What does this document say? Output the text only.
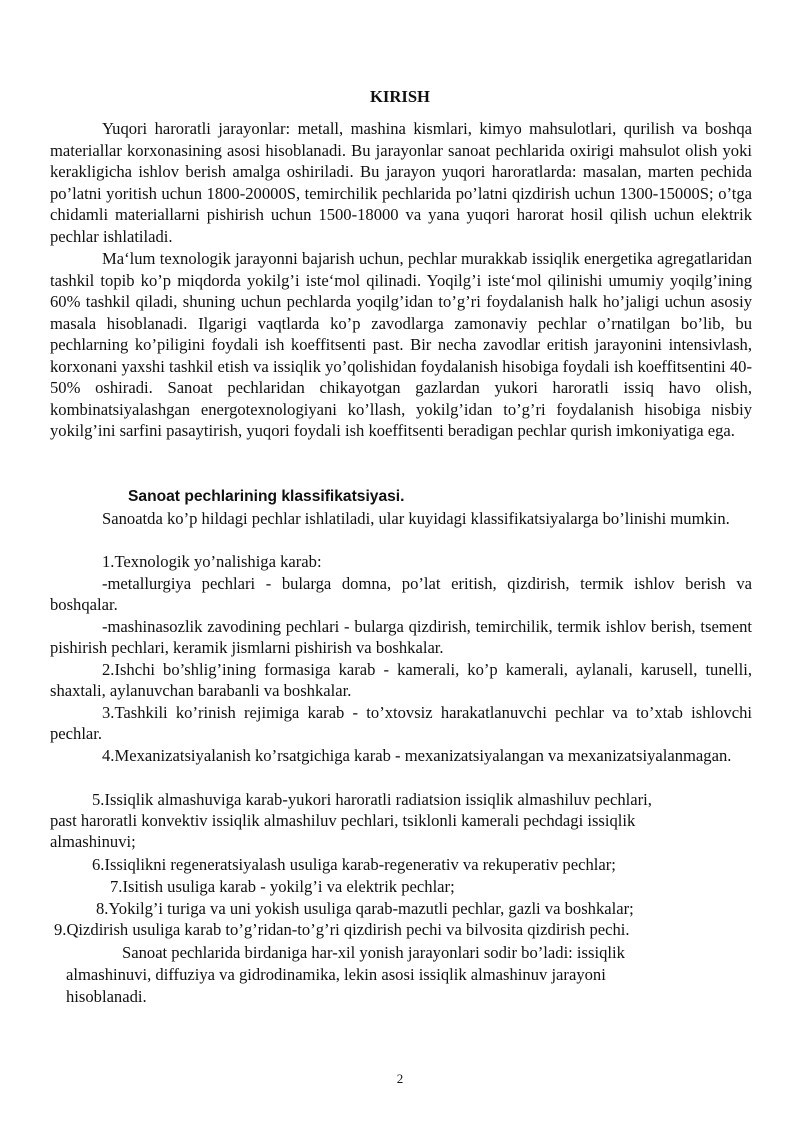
KIRISH

Yuqori haroratli jarayonlar: metall, mashina kismlari, kimyo mahsulotlari, qurilish va boshqa materiallar korxonasining asosi hisoblanadi. Bu jarayonlar sanoat pechlarida oxirigi mahsulot olish yoki kerakligicha ishlov berish amalga oshiriladi. Bu jarayon yuqori haroratlarda: masalan, marten pechida po’latni yoritish uchun 1800-20000S, temirchilik pechlarida po’latni qizdirish uchun 1300-15000S; o’tga chidamli materiallarni pishirish uchun 1500-18000 va yana yuqori harorat hosil qilish uchun elektrik pechlar ishlatiladi.

Ma‘lum texnologik jarayonni bajarish uchun, pechlar murakkab issiqlik energetika agregatlaridan tashkil topib ko’p miqdorda yokilg’i iste‘mol qilinadi. Yoqilg’i iste‘mol qilinishi umumiy yoqilg’ining 60% tashkil qiladi, shuning uchun pechlarda yoqilg’idan to’g’ri foydalanish halk ho’jaligi uchun asosiy masala hisoblanadi. Ilgarigi vaqtlarda ko’p zavodlarga zamonaviy pechlar o’rnatilgan bo’lib, bu pechlarning ko’piligini foydali ish koeffitsenti past. Bir necha zavodlar eritish jarayonini intensivlash, korxonani yaxshi tashkil etish va issiqlik yo’qolishidan foydalanish hisobiga foydali ish koeffitsentini 40-50% oshiradi. Sanoat pechlaridan chikayotgan gazlardan yukori haroratli issiq havo olish, kombinatsiyalashgan energotexnologiyani ko’llash, yokilg’idan to’g’ri foydalanish hisobiga nisbiy yokilg’ini sarfini pasaytirish, yuqori foydali ish koeffitsenti beradigan pechlar qurish imkoniyatiga ega.

Sanoat pechlarining klassifikatsiyasi.

Sanoatda ko’p hildagi pechlar ishlatiladi, ular kuyidagi klassifikatsiyalarga bo’linishi mumkin.

1.Texnologik yo’nalishiga karab:

-metallurgiya pechlari - bularga domna, po’lat eritish, qizdirish, termik ishlov berish va boshqalar.

-mashinasozlik zavodining pechlari - bularga qizdirish, temirchilik, termik ishlov berish, tsement pishirish pechlari, keramik jismlarni pishirish va boshkalar.

2.Ishchi bo’shlig’ining formasiga karab - kamerali, ko’p kamerali, aylanali, karusell, tunelli, shaxtali, aylanuvchan barabanli va boshkalar.

3.Tashkili ko’rinish rejimiga karab - to’xtovsiz harakatlanuvchi pechlar va to’xtab ishlovchi pechlar.

4.Mexanizatsiyalanish ko’rsatgichiga karab - mexanizatsiyalangan va mexanizatsiyalanmagan.

5.Issiqlik almashuviga karab-yukori haroratli radiatsion issiqlik almashiluv pechlari,
past haroratli konvektiv issiqlik almashiluv pechlari, tsiklonli kamerali pechdagi issiqlik
almashinuvi;
6.Issiqlikni regeneratsiyalash usuliga karab-regenerativ va rekuperativ pechlar;
7.Isitish usuliga karab - yokilg’i va elektrik pechlar;
8.Yokilg’i turiga va uni yokish usuliga qarab-mazutli pechlar, gazli va boshkalar;
9.Qizdirish usuliga karab to’g’ridan-to’g’ri qizdirish pechi va bilvosita qizdirish pechi.
Sanoat pechlarida birdaniga har-xil yonish jarayonlari sodir bo’ladi: issiqlik
almashinuvi, diffuziya va gidrodinamika, lekin asosi issiqlik almashinuv jarayoni
hisoblanadi.
2
